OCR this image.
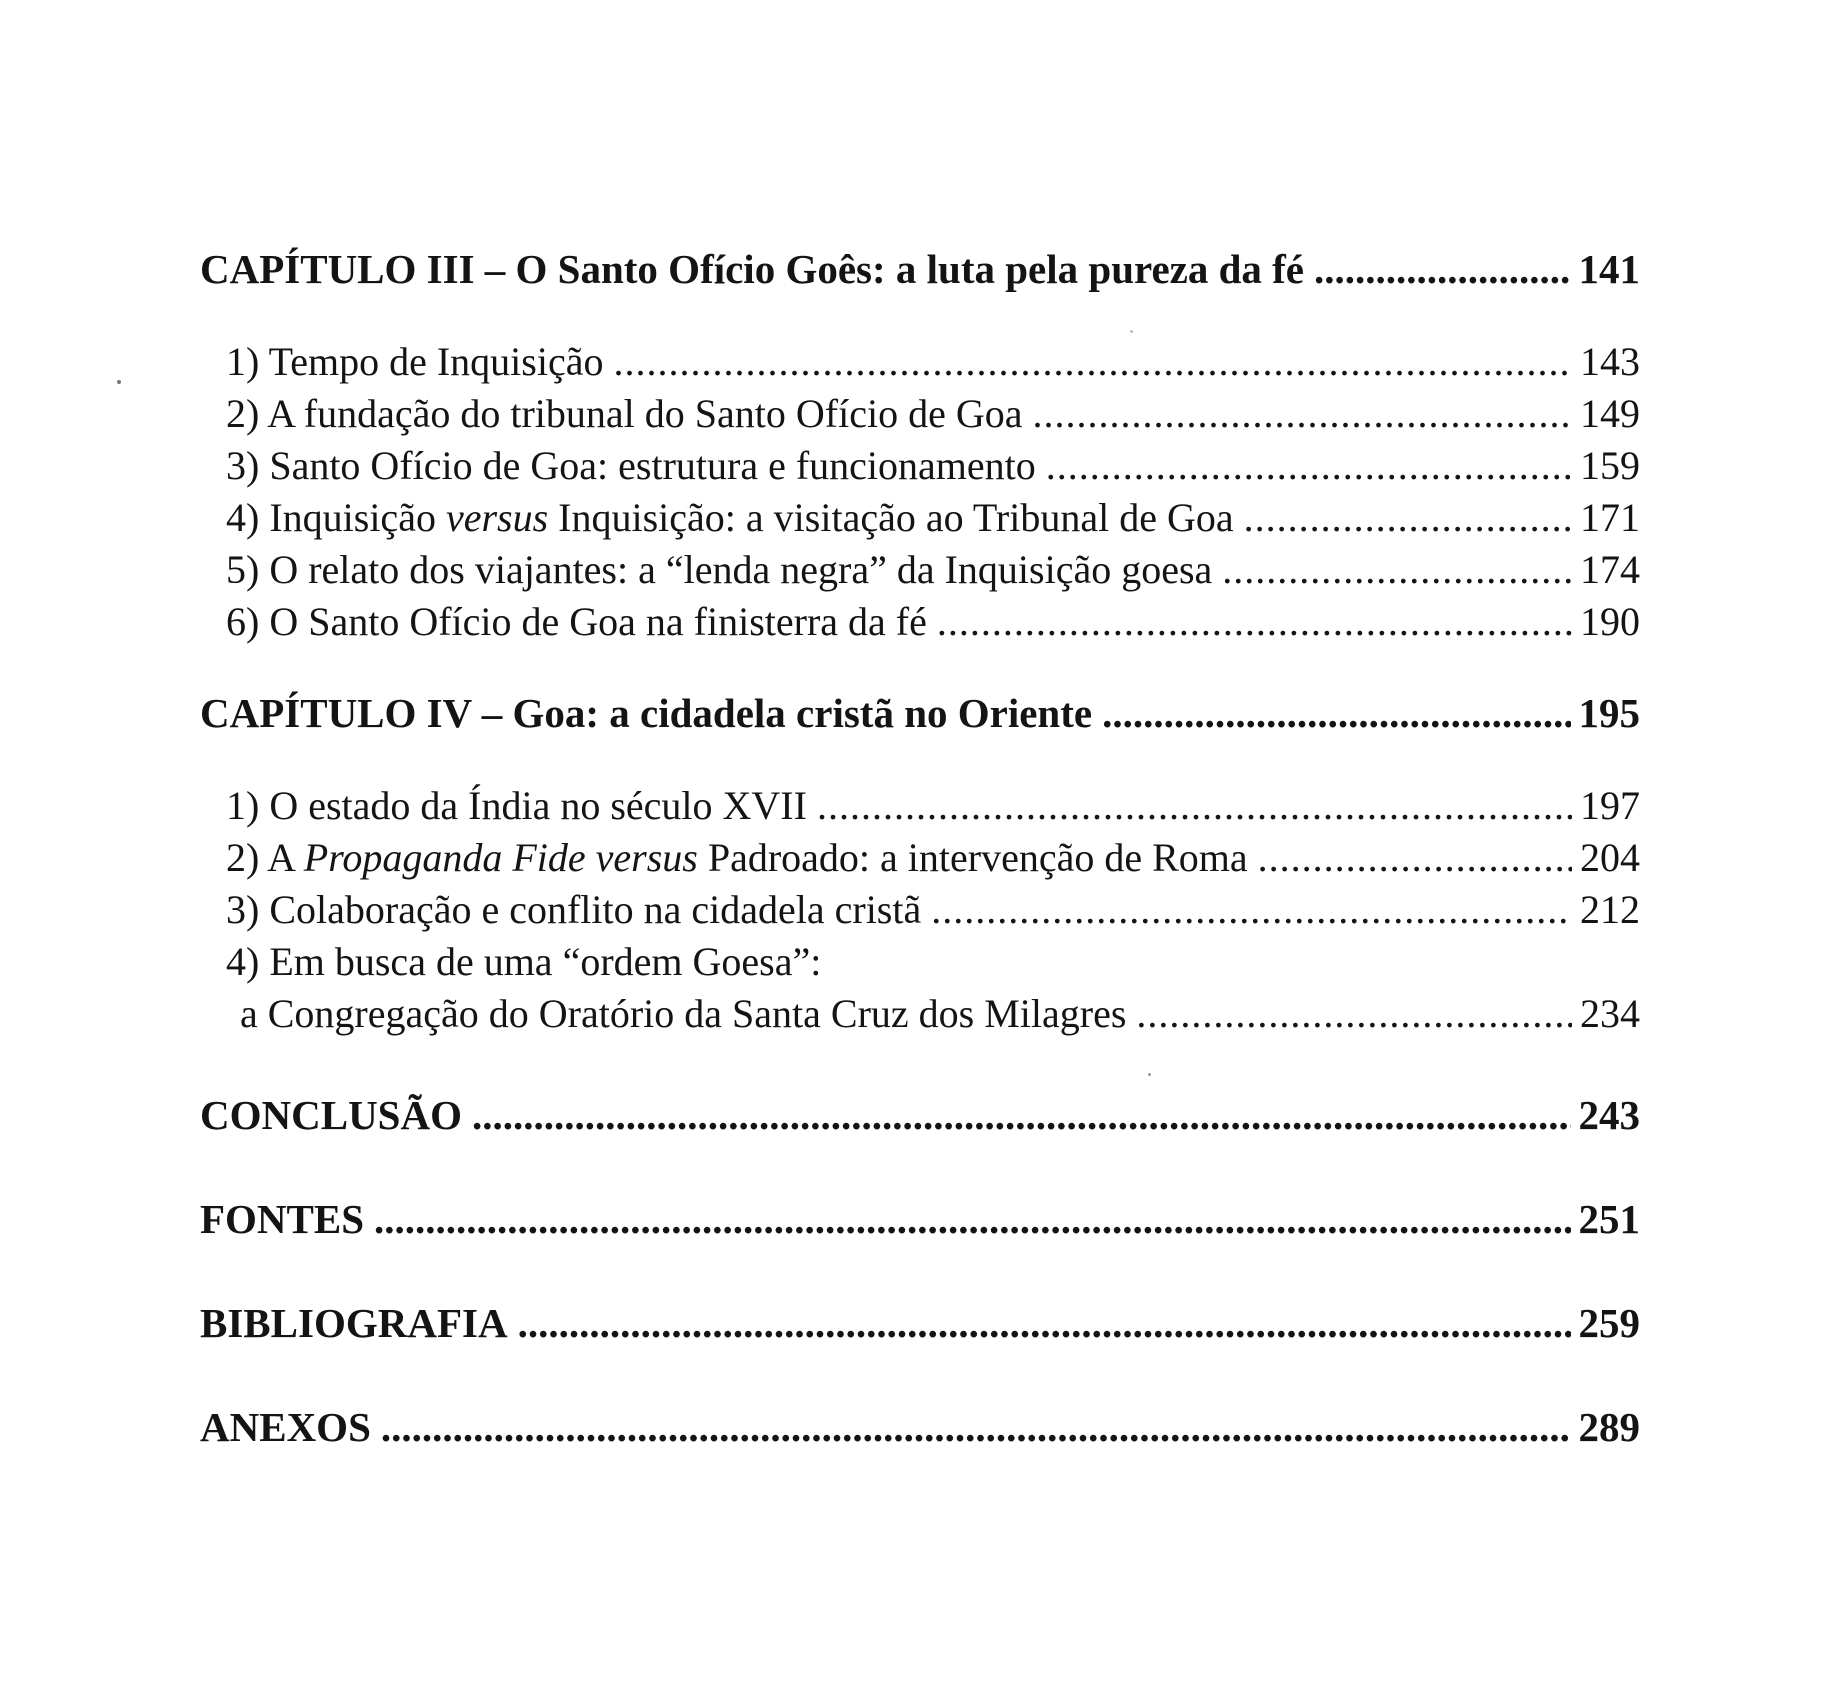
CAPÍTULO III – O Santo Ofício Goês: a luta pela pureza da fé .....	141
1) Tempo de Inquisição .....	143
2) A fundação do tribunal do Santo Ofício de Goa .....	149
3) Santo Ofício de Goa: estrutura e funcionamento .....	159
4) Inquisição versus Inquisição: a visitação ao Tribunal de Goa .....	171
5) O relato dos viajantes: a “lenda negra” da Inquisição goesa .....	174
6) O Santo Ofício de Goa na finisterra da fé .....	190
CAPÍTULO IV – Goa: a cidadela cristã no Oriente .....	195
1) O estado da Índia no século XVII .....	197
2) A Propaganda Fide versus Padroado: a intervenção de Roma .....	204
3) Colaboração e conflito na cidadela cristã .....	212
4) Em busca de uma “ordem Goesa”:
a Congregação do Oratório da Santa Cruz dos Milagres .....	234
CONCLUSÃO .....	243
FONTES .....	251
BIBLIOGRAFIA .....	259
ANEXOS .....	289
